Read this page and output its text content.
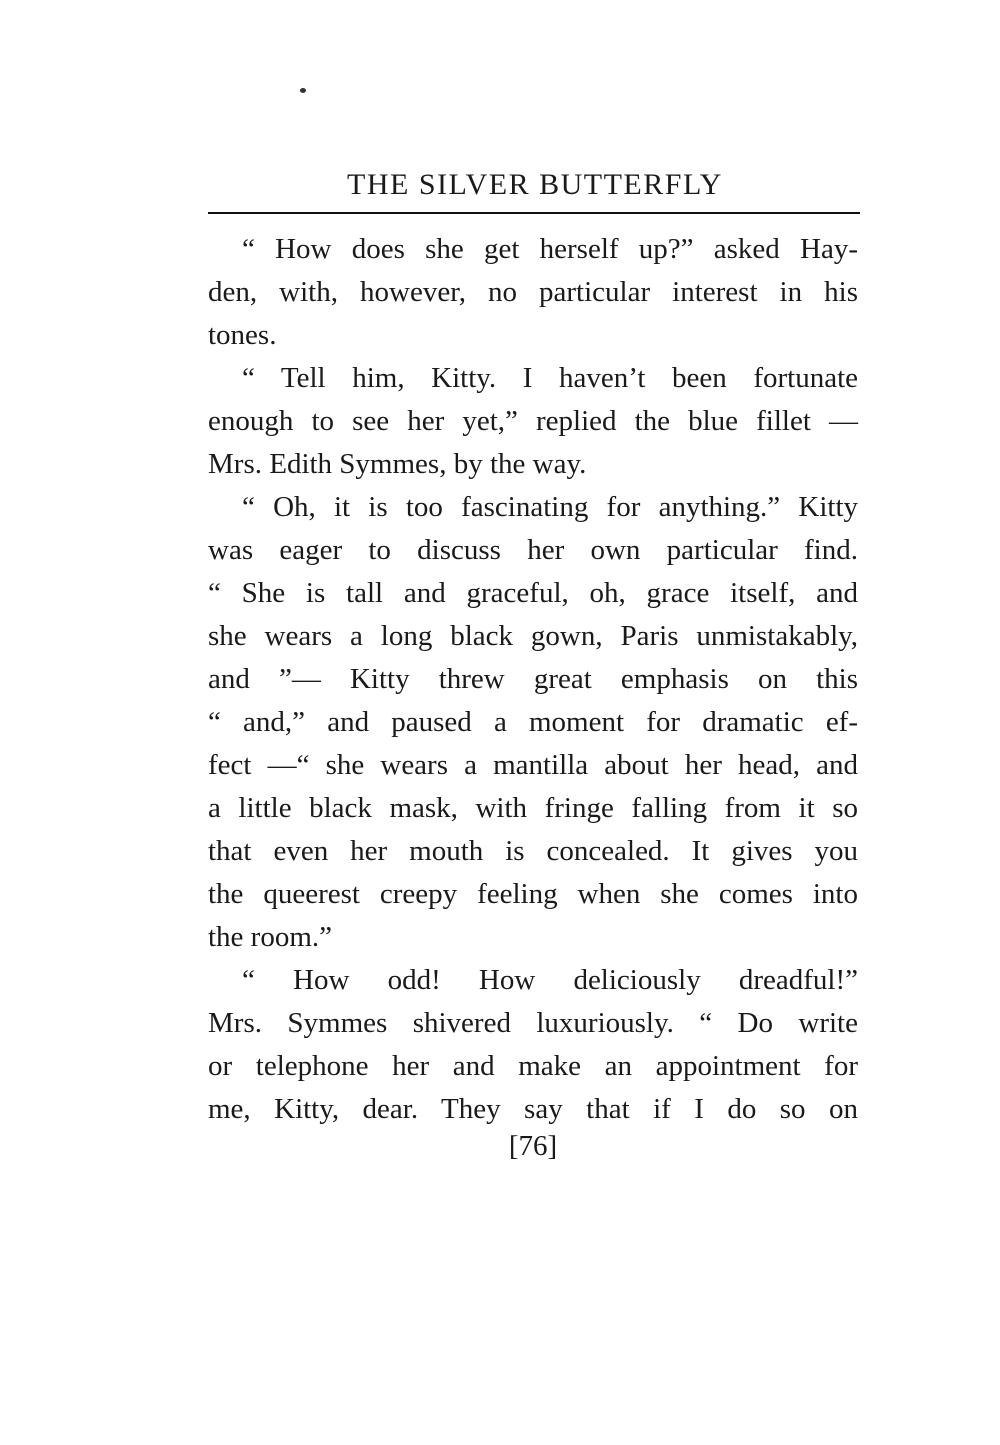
THE SILVER BUTTERFLY
“ How does she get herself up?” asked Hay-
den, with, however, no particular interest in his
tones.
“ Tell him, Kitty. I haven’t been fortunate
enough to see her yet,” replied the blue fillet —
Mrs. Edith Symmes, by the way.
“ Oh, it is too fascinating for anything.” Kitty
was eager to discuss her own particular find.
“ She is tall and graceful, oh, grace itself, and
she wears a long black gown, Paris unmistakably,
and ”— Kitty threw great emphasis on this
“ and,” and paused a moment for dramatic ef-
fect —“ she wears a mantilla about her head, and
a little black mask, with fringe falling from it so
that even her mouth is concealed. It gives you
the queerest creepy feeling when she comes into
the room.”
“ How odd! How deliciously dreadful!”
Mrs. Symmes shivered luxuriously. “ Do write
or telephone her and make an appointment for
me, Kitty, dear. They say that if I do so on
[76]
